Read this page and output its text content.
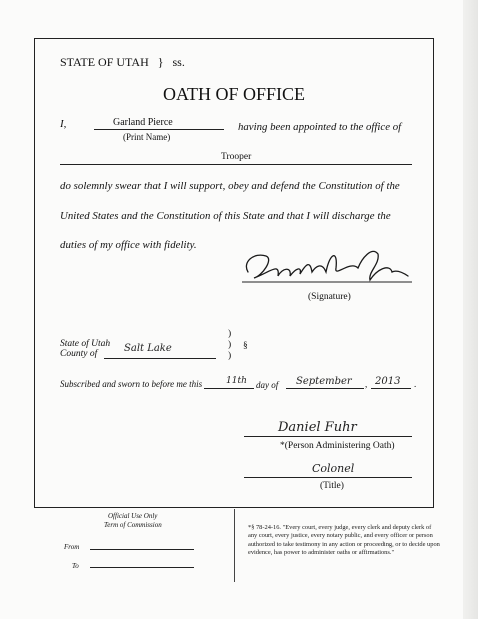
STATE OF UTAH } ss.
OATH OF OFFICE
I,	Garland Pierce
(Print Name)
having been appointed to the office of
Trooper
do solemnly swear that I will support, obey and defend the Constitution of the
United States and the Constitution of this State and that I will discharge the
duties of my office with fidelity.
(Signature)
State of Utah
County of	Salt Lake
)
)
)
§
Subscribed and sworn to before me this	11th day of September , 2013 .
Daniel Fuhr
*(Person Administering Oath)
Colonel
(Title)
Official Use Only
Term of Commission
From
To
*§ 78-24-16. "Every court, every judge, every clerk and deputy clerk of any court, every justice, every notary public, and every officer or person authorized to take testimony in any action or proceeding, or to decide upon evidence, has power to administer oaths or affirmations."
